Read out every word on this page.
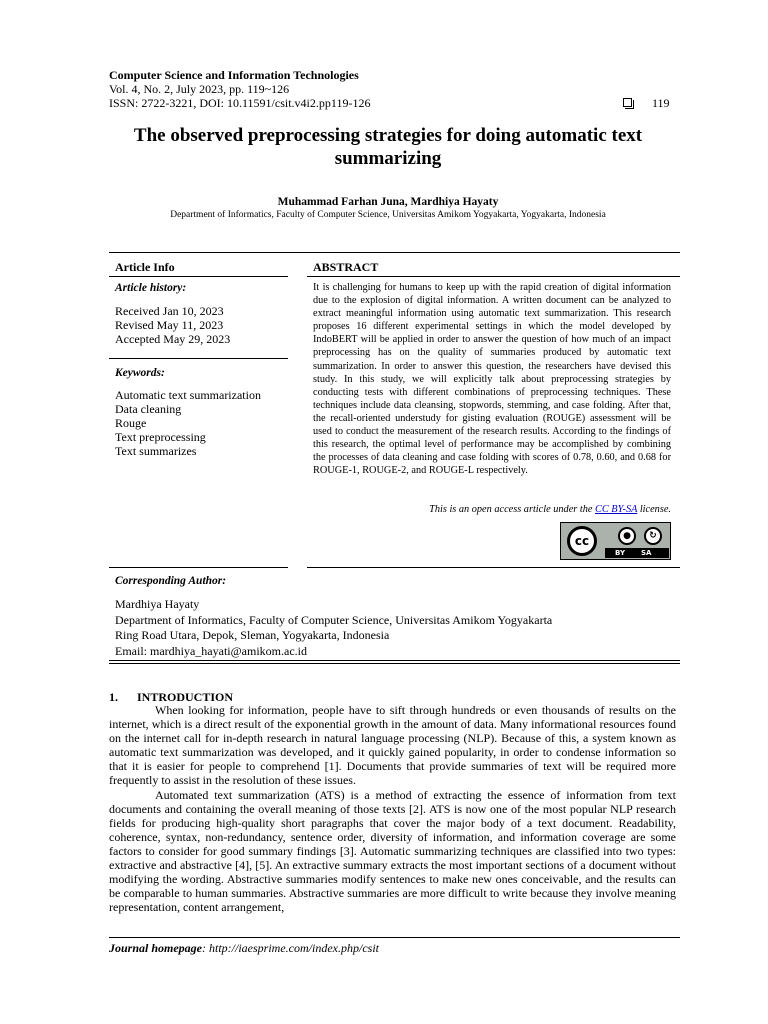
Computer Science and Information Technologies
Vol. 4, No. 2, July 2023, pp. 119~126
ISSN: 2722-3221, DOI: 10.11591/csit.v4i2.pp119-126	119
The observed preprocessing strategies for doing automatic text summarizing
Muhammad Farhan Juna, Mardhiya Hayaty
Department of Informatics, Faculty of Computer Science, Universitas Amikom Yogyakarta, Yogyakarta, Indonesia
Article Info
Article history:
Received Jan 10, 2023
Revised May 11, 2023
Accepted May 29, 2023
Keywords:
Automatic text summarization
Data cleaning
Rouge
Text preprocessing
Text summarizes
ABSTRACT
It is challenging for humans to keep up with the rapid creation of digital information due to the explosion of digital information. A written document can be analyzed to extract meaningful information using automatic text summarization. This research proposes 16 different experimental settings in which the model developed by IndoBERT will be applied in order to answer the question of how much of an impact preprocessing has on the quality of summaries produced by automatic text summarization. In order to answer this question, the researchers have devised this study. In this study, we will explicitly talk about preprocessing strategies by conducting tests with different combinations of preprocessing techniques. These techniques include data cleansing, stopwords, stemming, and case folding. After that, the recall-oriented understudy for gisting evaluation (ROUGE) assessment will be used to conduct the measurement of the research results. According to the findings of this research, the optimal level of performance may be accomplished by combining the processes of data cleaning and case folding with scores of 0.78, 0.60, and 0.68 for ROUGE-1, ROUGE-2, and ROUGE-L respectively.
This is an open access article under the CC BY-SA license.
cc	●	↻
BY SA
Corresponding Author:
Mardhiya Hayaty
Department of Informatics, Faculty of Computer Science, Universitas Amikom Yogyakarta
Ring Road Utara, Depok, Sleman, Yogyakarta, Indonesia
Email: mardhiya_hayati@amikom.ac.id
1. INTRODUCTION

When looking for information, people have to sift through hundreds or even thousands of results on the internet, which is a direct result of the exponential growth in the amount of data. Many informational resources found on the internet call for in-depth research in natural language processing (NLP). Because of this, a system known as automatic text summarization was developed, and it quickly gained popularity, in order to condense information so that it is easier for people to comprehend [1]. Documents that provide summaries of text will be required more frequently to assist in the resolution of these issues.

Automated text summarization (ATS) is a method of extracting the essence of information from text documents and containing the overall meaning of those texts [2]. ATS is now one of the most popular NLP research fields for producing high-quality short paragraphs that cover the major body of a text document. Readability, coherence, syntax, non-redundancy, sentence order, diversity of information, and information coverage are some factors to consider for good summary findings [3]. Automatic summarizing techniques are classified into two types: extractive and abstractive [4], [5]. An extractive summary extracts the most important sections of a document without modifying the wording. Abstractive summaries modify sentences to make new ones conceivable, and the results can be comparable to human summaries. Abstractive summaries are more difficult to write because they involve meaning representation, content arrangement,

Journal homepage: http://iaesprime.com/index.php/csit
